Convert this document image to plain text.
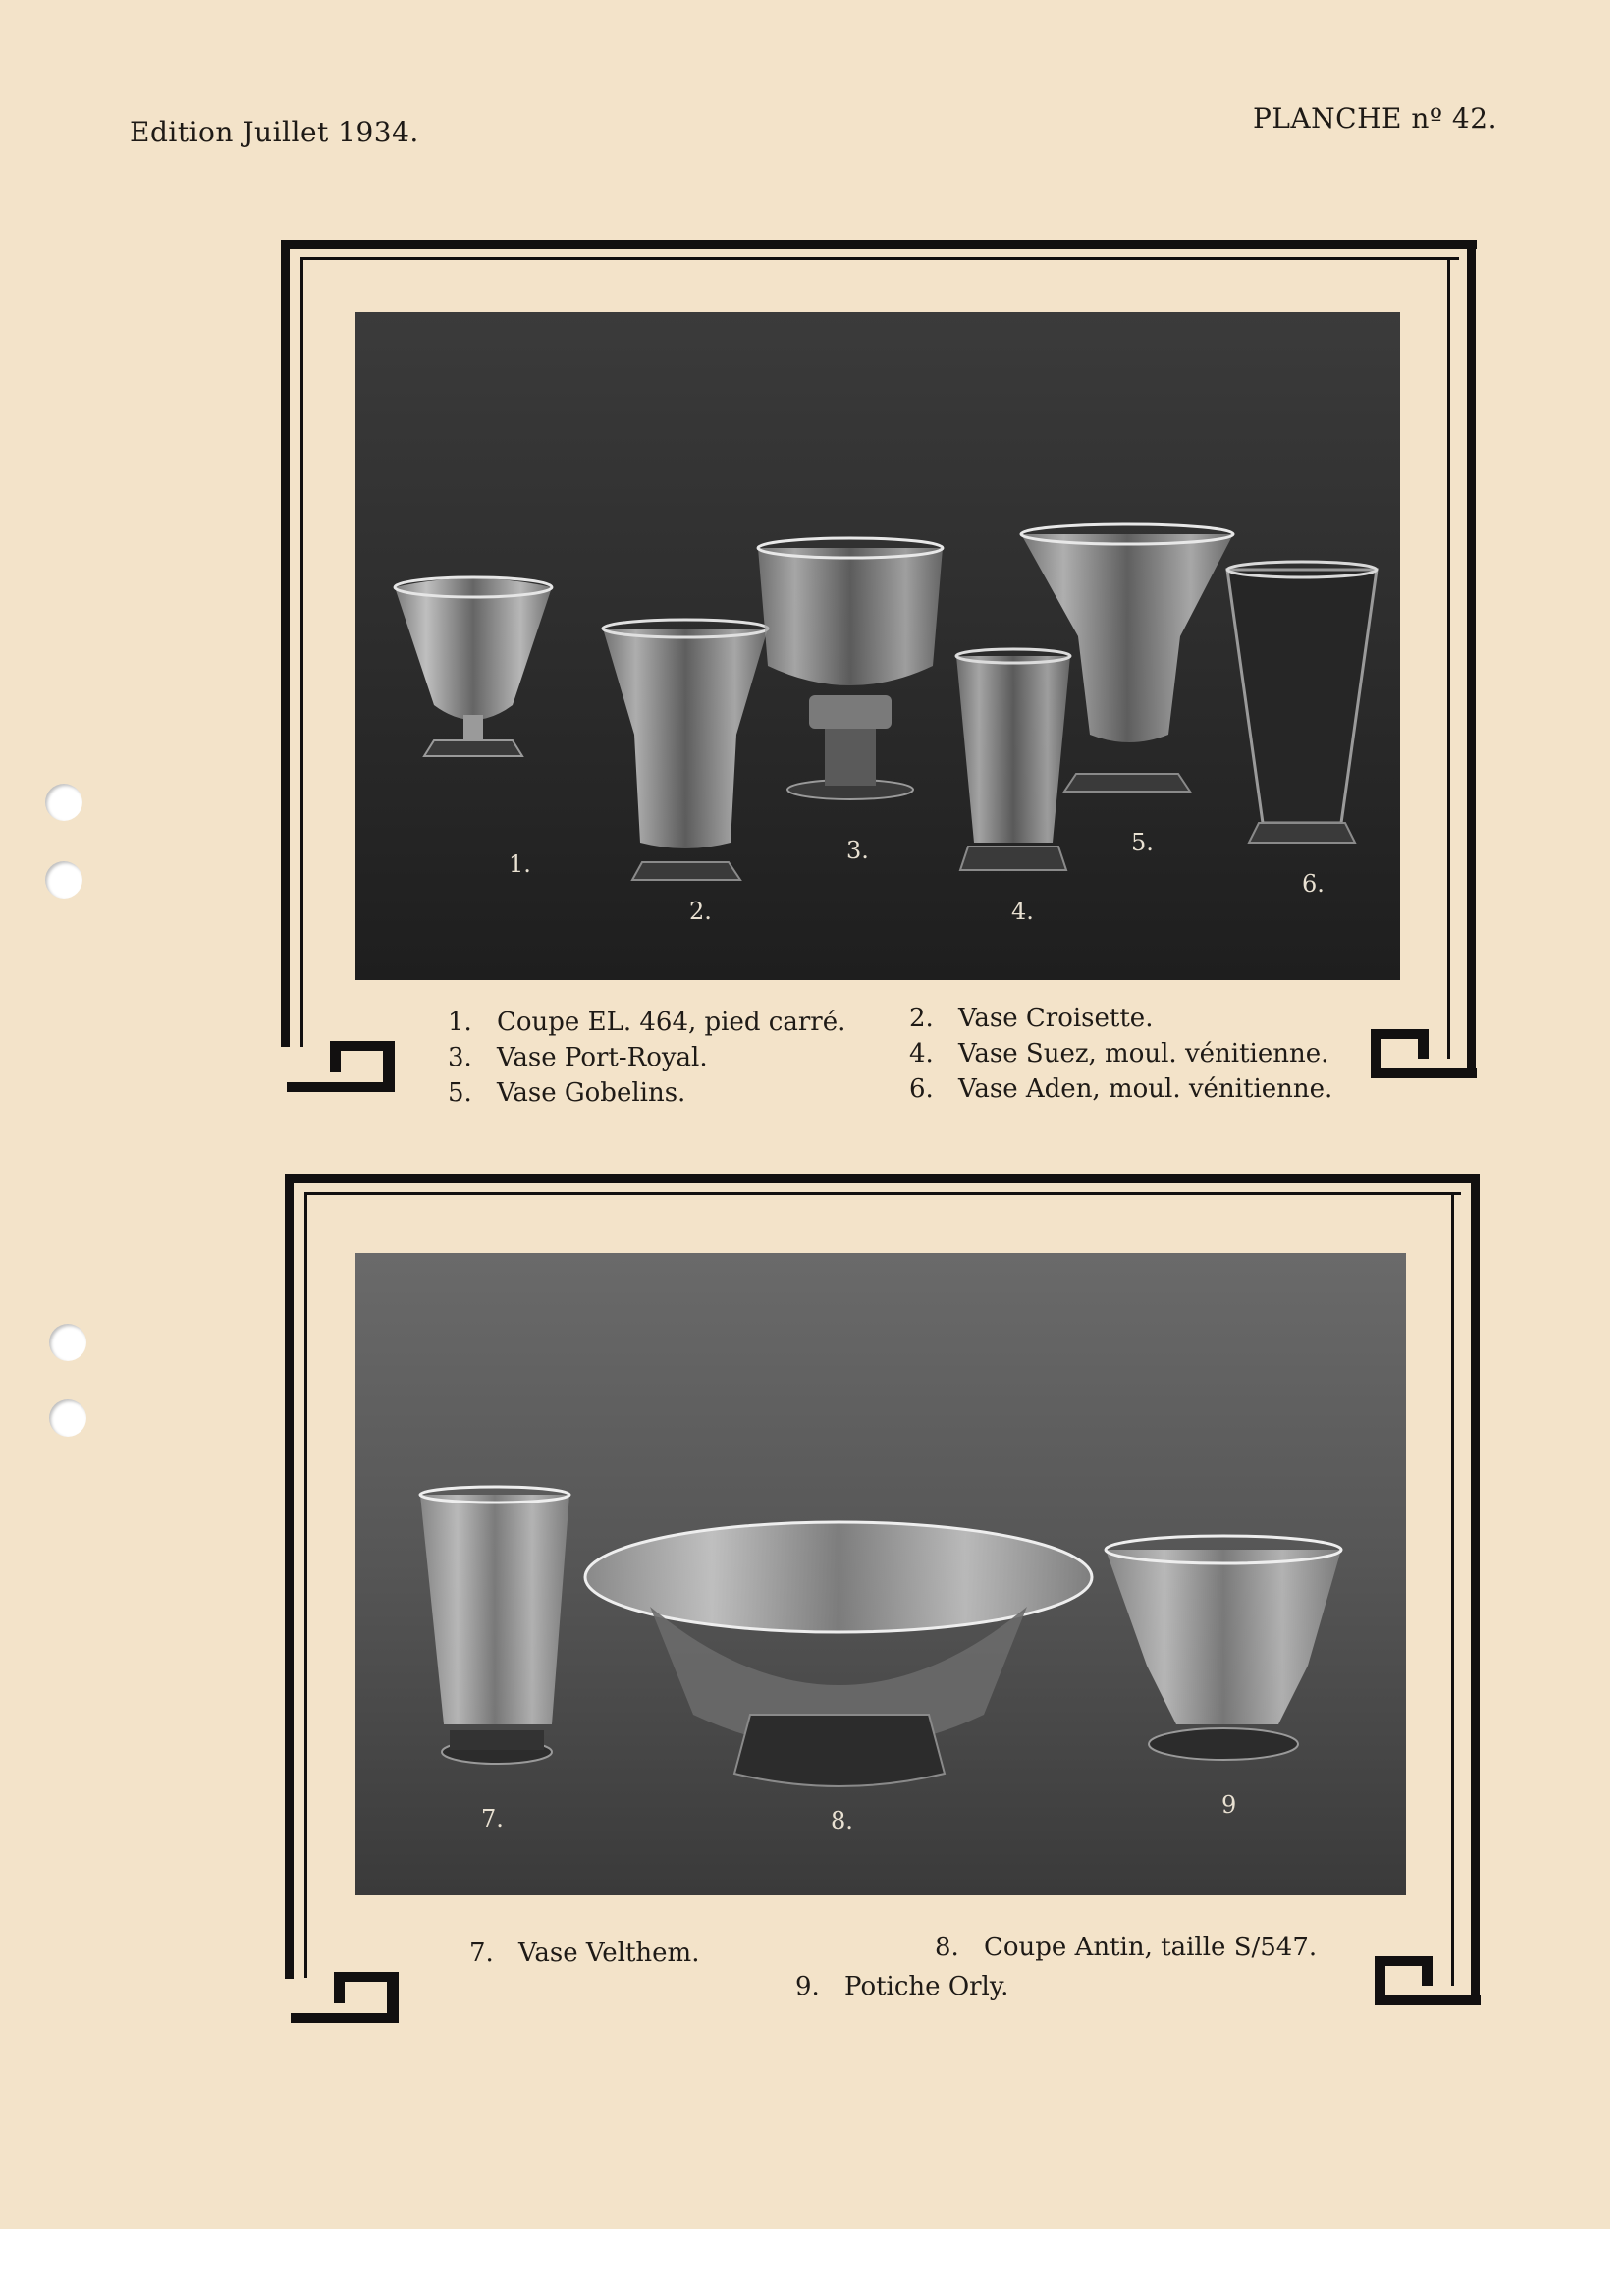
Edition Juillet 1934.	PLANCHE nº 42.
1.
2.
3.
4.
5.
6.
1. Coupe EL. 464, pied carré.
3. Vase Port-Royal.
5. Vase Gobelins.
2. Vase Croisette.
4. Vase Suez, moul. vénitienne.
6. Vase Aden, moul. vénitienne.
7.	8.
9
7. Vase Velthem.	8. Coupe Antin, taille S/547.
9. Potiche Orly.
